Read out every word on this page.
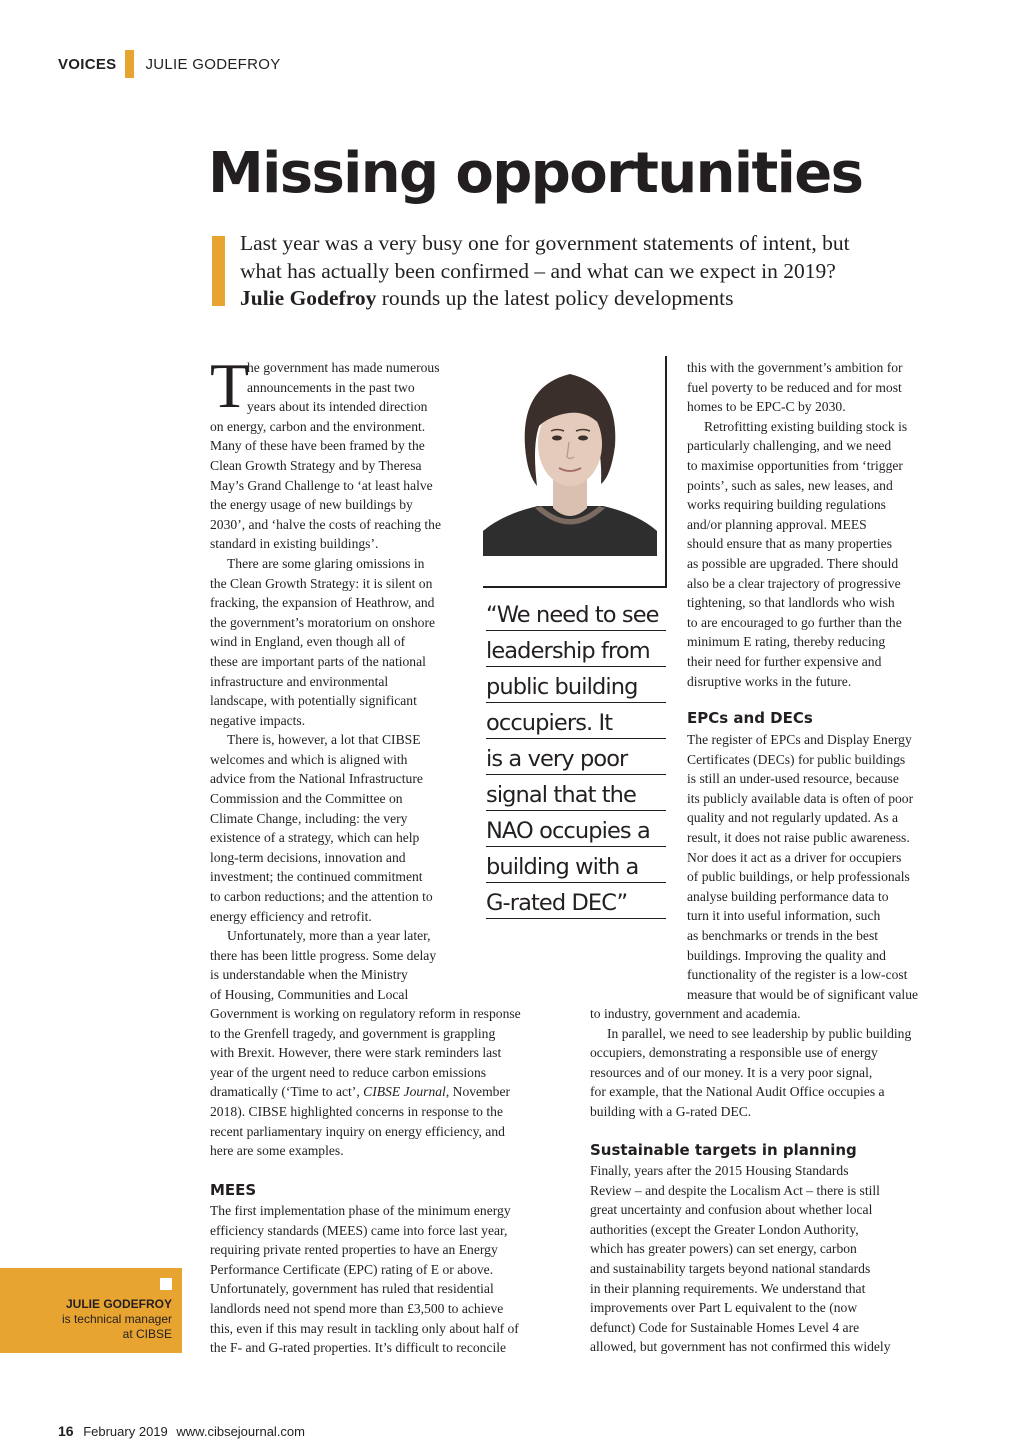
VOICES JULIE GODEFROY
Missing opportunities

Last year was a very busy one for government statements of intent, but
what has actually been confirmed – and what can we expect in 2019?
Julie Godefroy rounds up the latest policy developments

T
he government has made numerous
announcements in the past two
years about its intended direction
on energy, carbon and the environment.
Many of these have been framed by the
Clean Growth Strategy and by Theresa
May’s Grand Challenge to ‘at least halve
the energy usage of new buildings by
2030’, and ‘halve the costs of reaching the
standard in existing buildings’.
There are some glaring omissions in
the Clean Growth Strategy: it is silent on
fracking, the expansion of Heathrow, and
the government’s moratorium on onshore
wind in England, even though all of
these are important parts of the national
infrastructure and environmental
landscape, with potentially significant
negative impacts.
There is, however, a lot that CIBSE
welcomes and which is aligned with
advice from the National Infrastructure
Commission and the Committee on
Climate Change, including: the very
existence of a strategy, which can help
long-term decisions, innovation and
investment; the continued commitment
to carbon reductions; and the attention to
energy efficiency and retrofit.
Unfortunately, more than a year later,
there has been little progress. Some delay
is understandable when the Ministry
of Housing, Communities and Local
Government is working on regulatory reform in response
to the Grenfell tragedy, and government is grappling
with Brexit. However, there were stark reminders last
year of the urgent need to reduce carbon emissions
dramatically (‘Time to act’, CIBSE Journal, November
2018). CIBSE highlighted concerns in response to the
recent parliamentary inquiry on energy efficiency, and
here are some examples.
MEES
The first implementation phase of the minimum energy
efficiency standards (MEES) came into force last year,
requiring private rented properties to have an Energy
Performance Certificate (EPC) rating of E or above.
Unfortunately, government has ruled that residential
landlords need not spend more than £3,500 to achieve
this, even if this may result in tackling only about half of
the F- and G-rated properties. It’s difficult to reconcile
“We need to see
leadership from
public building
occupiers. It
is a very poor
signal that the
NAO occupies a
building with a
G-rated DEC”
this with the government’s ambition for
fuel poverty to be reduced and for most
homes to be EPC-C by 2030.
Retrofitting existing building stock is
particularly challenging, and we need
to maximise opportunities from ‘trigger
points’, such as sales, new leases, and
works requiring building regulations
and/or planning approval. MEES
should ensure that as many properties
as possible are upgraded. There should
also be a clear trajectory of progressive
tightening, so that landlords who wish
to are encouraged to go further than the
minimum E rating, thereby reducing
their need for further expensive and
disruptive works in the future.
EPCs and DECs
The register of EPCs and Display Energy
Certificates (DECs) for public buildings
is still an under-used resource, because
its publicly available data is often of poor
quality and not regularly updated. As a
result, it does not raise public awareness.
Nor does it act as a driver for occupiers
of public buildings, or help professionals
analyse building performance data to
turn it into useful information, such
as benchmarks or trends in the best
buildings. Improving the quality and
functionality of the register is a low-cost
measure that would be of significant value
to industry, government and academia.
In parallel, we need to see leadership by public building
occupiers, demonstrating a responsible use of energy
resources and of our money. It is a very poor signal,
for example, that the National Audit Office occupies a
building with a G-rated DEC.
Sustainable targets in planning
Finally, years after the 2015 Housing Standards
Review – and despite the Localism Act – there is still
great uncertainty and confusion about whether local
authorities (except the Greater London Authority,
which has greater powers) can set energy, carbon
and sustainability targets beyond national standards
in their planning requirements. We understand that
improvements over Part L equivalent to the (now
defunct) Code for Sustainable Homes Level 4 are
allowed, but government has not confirmed this widely
JULIE GODEFROY
is technical manager
at CIBSE
16 February 2019 www.cibsejournal.com
